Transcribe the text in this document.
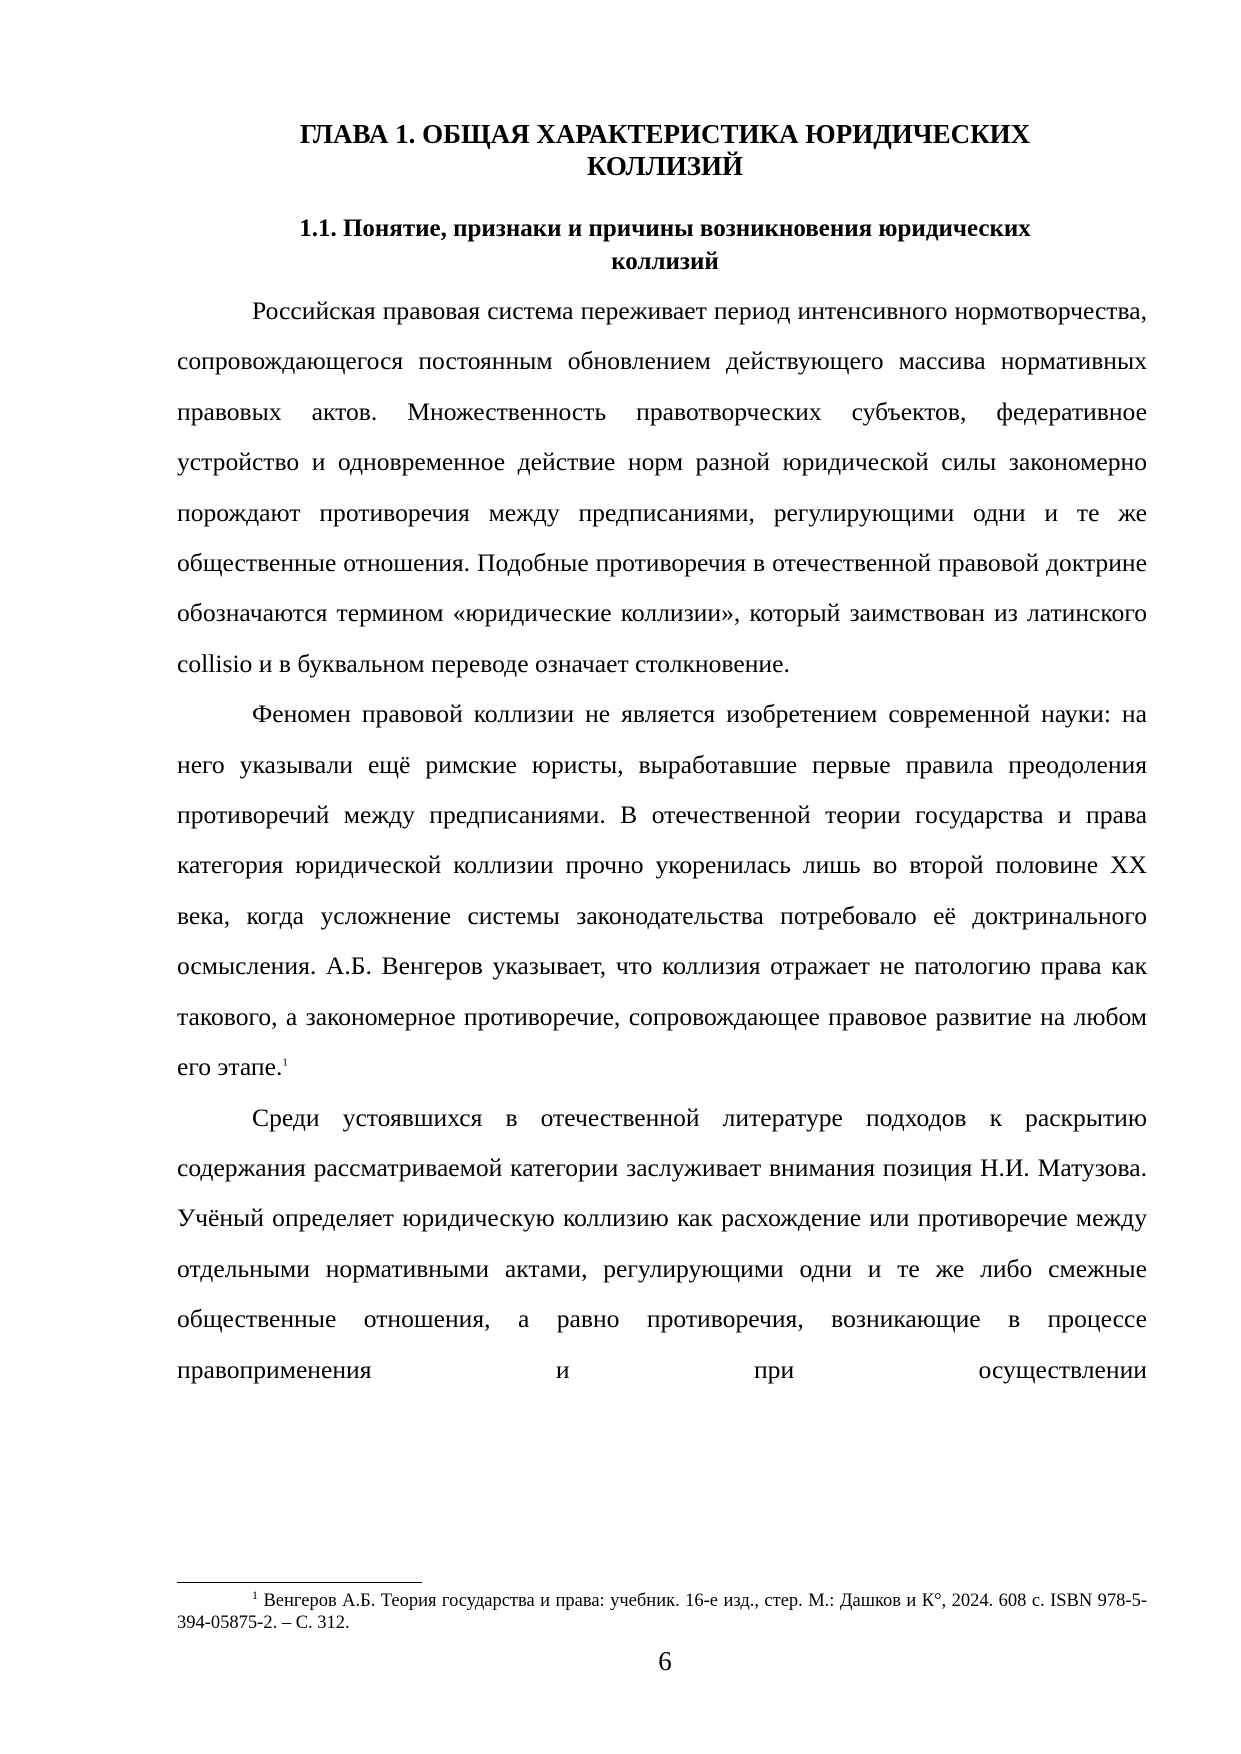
ГЛАВА 1. ОБЩАЯ ХАРАКТЕРИСТИКА ЮРИДИЧЕСКИХ
КОЛЛИЗИЙ
1.1. Понятие, признаки и причины возникновения юридических
коллизий

Российская правовая система переживает период интенсивного нормотворчества, сопровождающегося постоянным обновлением действующего массива нормативных правовых актов. Множественность правотворческих субъектов, федеративное устройство и одновременное действие норм разной юридической силы закономерно порождают противоречия между предписаниями, регулирующими одни и те же общественные отношения. Подобные противоречия в отечественной правовой доктрине обозначаются термином «юридические коллизии», который заимствован из латинского collisio и в буквальном переводе означает столкновение.

Феномен правовой коллизии не является изобретением современной науки: на него указывали ещё римские юристы, выработавшие первые правила преодоления противоречий между предписаниями. В отечественной теории государства и права категория юридической коллизии прочно укоренилась лишь во второй половине XX века, когда усложнение системы законодательства потребовало её доктринального осмысления. А.Б. Венгеров указывает, что коллизия отражает не патологию права как такового, а закономерное противоречие, сопровождающее правовое развитие на любом его этапе.$^1$

Среди устоявшихся в отечественной литературе подходов к раскрытию содержания рассматриваемой категории заслуживает внимания позиция Н.И. Матузова. Учёный определяет юридическую коллизию как расхождение или противоречие между отдельными нормативными актами, регулирующими одни и те же либо смежные общественные отношения, а равно противоречия, возникающие в процессе правоприменения и при осуществлении

$^1$ Венгеров А.Б. Теория государства и права: учебник. 16-е изд., стер. М.: Дашков и К°, 2024. 608 с. ISBN 978-5-394-05875-2. – С. 312.

6
